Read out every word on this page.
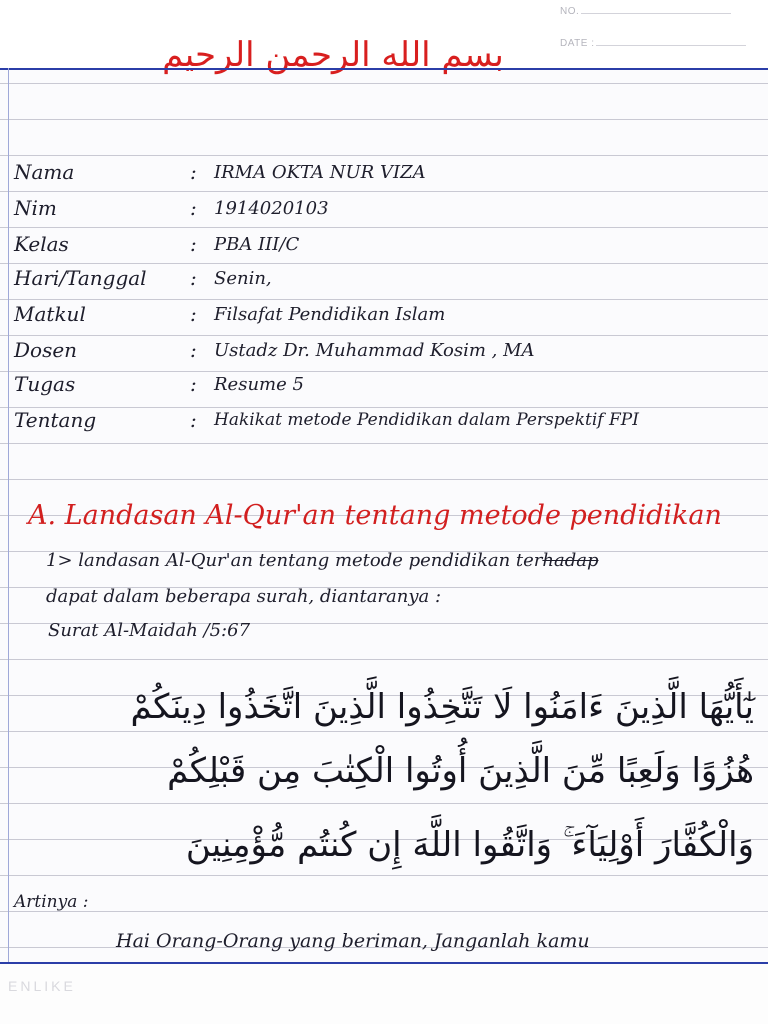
NO.
DATE :
بسم الله الرحمن الرحيم
Nama	: IRMA OKTA NUR VIZA
Nim	: 1914020103
Kelas	: PBA III/C
Hari/Tanggal : Senin,
Matkul	: Filsafat Pendidikan Islam
Dosen	: Ustadz Dr. Muhammad Kosim , MA
Tugas	: Resume 5
Tentang	: Hakikat metode Pendidikan dalam Perspektif FPI
A. Landasan Al-Qur'an tentang metode pendidikan
1> landasan Al-Qur'an tentang metode pendidikan terhadap
dapat dalam beberapa surah, diantaranya :
Surat Al-Maidah /5:67
يٰٓأَيُّهَا الَّذِينَ ءَامَنُوا لَا تَتَّخِذُوا الَّذِينَ اتَّخَذُوا دِينَكُمْ
هُزُوًا وَلَعِبًا مِّنَ الَّذِينَ أُوتُوا الْكِتٰبَ مِن قَبْلِكُمْ
وَالْكُفَّارَ أَوْلِيَآءَ ۚ وَاتَّقُوا اللَّهَ إِن كُنتُم مُّؤْمِنِينَ
Artinya :
Hai Orang-Orang yang beriman, Janganlah kamu
ENLIKE
